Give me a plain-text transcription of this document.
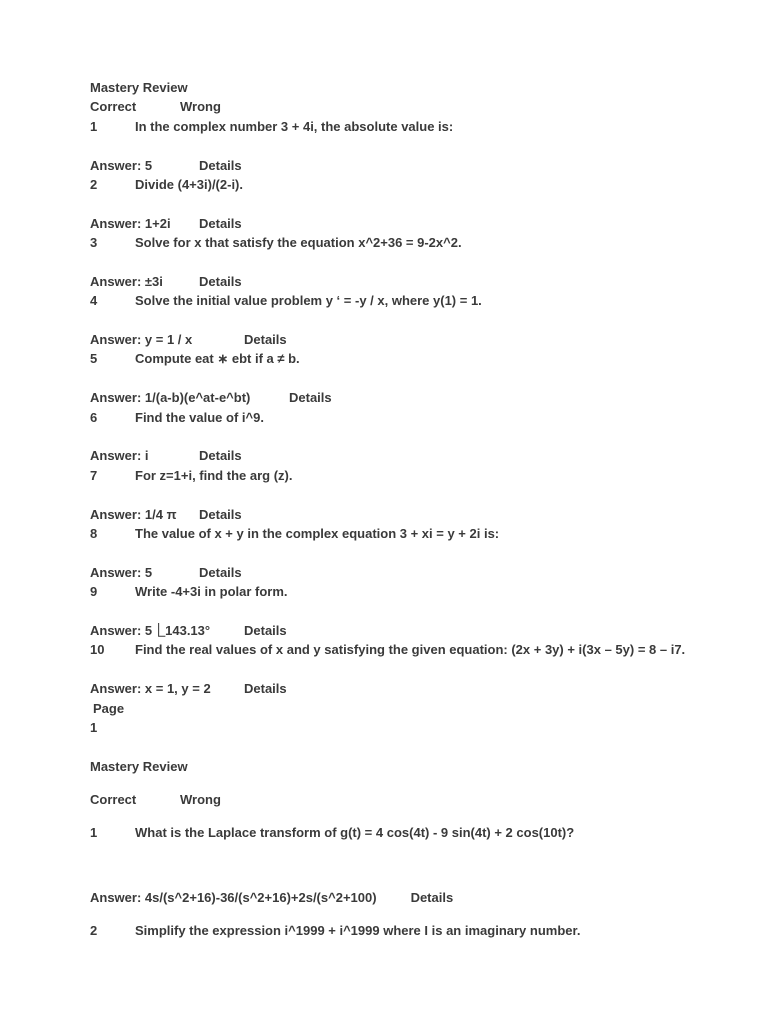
Mastery Review
Correct	Wrong
1	In the complex number 3 + 4i, the absolute value is:
Answer: 5	Details
2	Divide (4+3i)/(2-i).
Answer: 1+2i Details
3	Solve for x that satisfy the equation x^2+36 = 9-2x^2.
Answer: ±3i	Details
4	Solve the initial value problem y ‘ = -y / x, where y(1) = 1.
Answer: y = 1 / x	Details
5	Compute eat ∗ ebt if a ≠ b.
Answer: 1/(a-b)(e^at-e^bt)	Details
6	Find the value of i^9.
Answer: i	Details
7	For z=1+i, find the arg (z).
Answer: 1/4 π Details
8	The value of x + y in the complex equation 3 + xi = y + 2i is:
Answer: 5	Details
9	Write -4+3i in polar form.
Answer: 5⎿143.13°	Details
10 Find the real values of x and y satisfying the given equation: (2x + 3y) + i(3x – 5y) = 8 – i7.
Answer: x = 1, y = 2	Details
Page
1
Mastery Review
Correct	Wrong
1	What is the Laplace transform of g(t) = 4 cos(4t) - 9 sin(4t) + 2 cos(10t)?
Answer: 4s/(s^2+16)-36/(s^2+16)+2s/(s^2+100)	Details
2	Simplify the expression i^1999 + i^1999 where I is an imaginary number.
